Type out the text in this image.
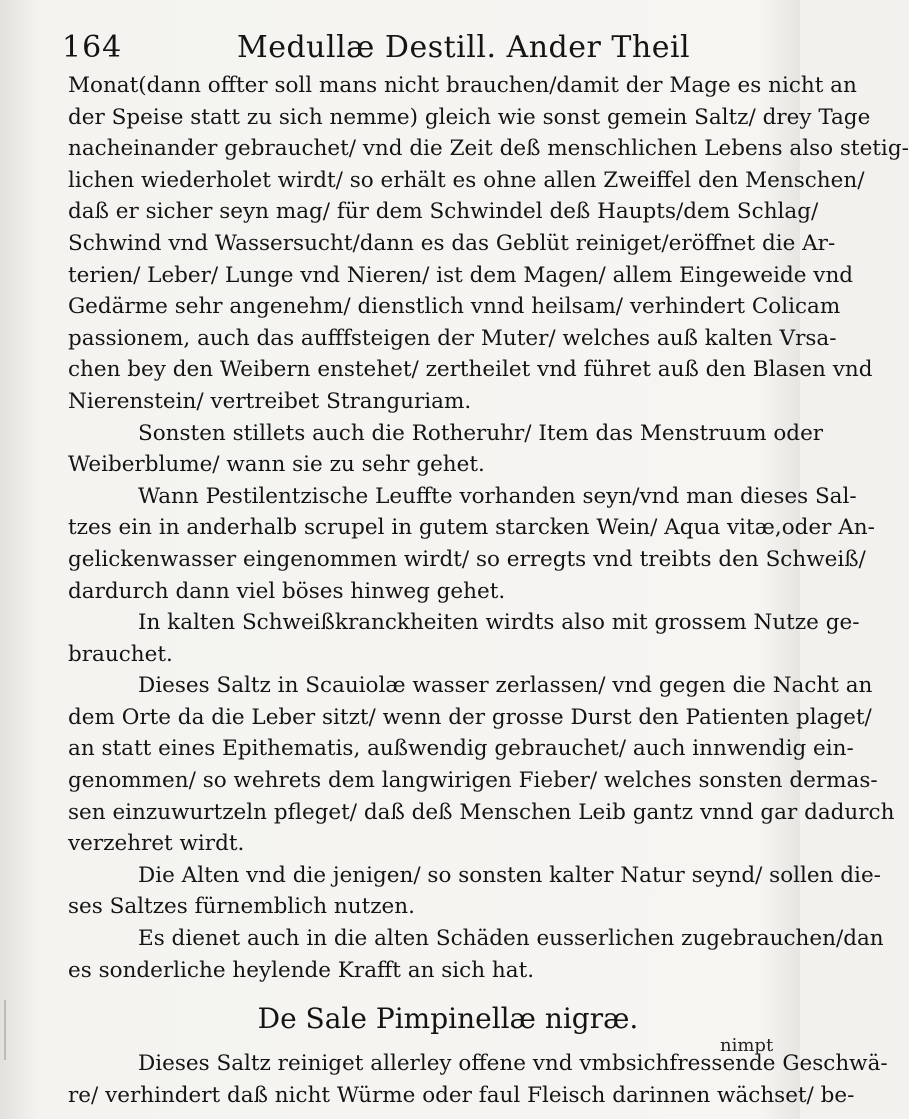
164	Medullæ Destill. Ander Theil
Monat(dann offter soll mans nicht brauchen/damit der Mage es nicht an
der Speise statt zu sich nemme) gleich wie sonst gemein Saltz/ drey Tage
nacheinander gebrauchet/ vnd die Zeit deß menschlichen Lebens also stetig-
lichen wiederholet wirdt/ so erhält es ohne allen Zweiffel den Menschen/
daß er sicher seyn mag/ für dem Schwindel deß Haupts/dem Schlag/
Schwind vnd Wassersucht/dann es das Geblüt reiniget/eröffnet die Ar-
terien/ Leber/ Lunge vnd Nieren/ ist dem Magen/ allem Eingeweide vnd
Gedärme sehr angenehm/ dienstlich vnnd heilsam/ verhindert Colicam
passionem, auch das aufffsteigen der Muter/ welches auß kalten Vrsa-
chen bey den Weibern enstehet/ zertheilet vnd führet auß den Blasen vnd
Nierenstein/ vertreibet Stranguriam.
Sonsten stillets auch die Rotheruhr/ Item das Menstruum oder
Weiberblume/ wann sie zu sehr gehet.
Wann Pestilentzische Leuffte vorhanden seyn/vnd man dieses Sal-
tzes ein in anderhalb scrupel in gutem starcken Wein/ Aqua vitæ,oder An-
gelickenwasser eingenommen wirdt/ so erregts vnd treibts den Schweiß/
dardurch dann viel böses hinweg gehet.
In kalten Schweißkranckheiten wirdts also mit grossem Nutze ge-
brauchet.
Dieses Saltz in Scauiolæ wasser zerlassen/ vnd gegen die Nacht an
dem Orte da die Leber sitzt/ wenn der grosse Durst den Patienten plaget/
an statt eines Epithematis, außwendig gebrauchet/ auch innwendig ein-
genommen/ so wehrets dem langwirigen Fieber/ welches sonsten dermas-
sen einzuwurtzeln pfleget/ daß deß Menschen Leib gantz vnnd gar dadurch
verzehret wirdt.
Die Alten vnd die jenigen/ so sonsten kalter Natur seynd/ sollen die-
ses Saltzes fürnemblich nutzen.
Es dienet auch in die alten Schäden eusserlichen zugebrauchen/dan
es sonderliche heylende Krafft an sich hat.
De Sale Pimpinellæ nigræ.
Dieses Saltz reiniget allerley offene vnd vmbsichfressende Geschwä-
re/ verhindert daß nicht Würme oder faul Fleisch darinnen wächset/ be-
nimpt
